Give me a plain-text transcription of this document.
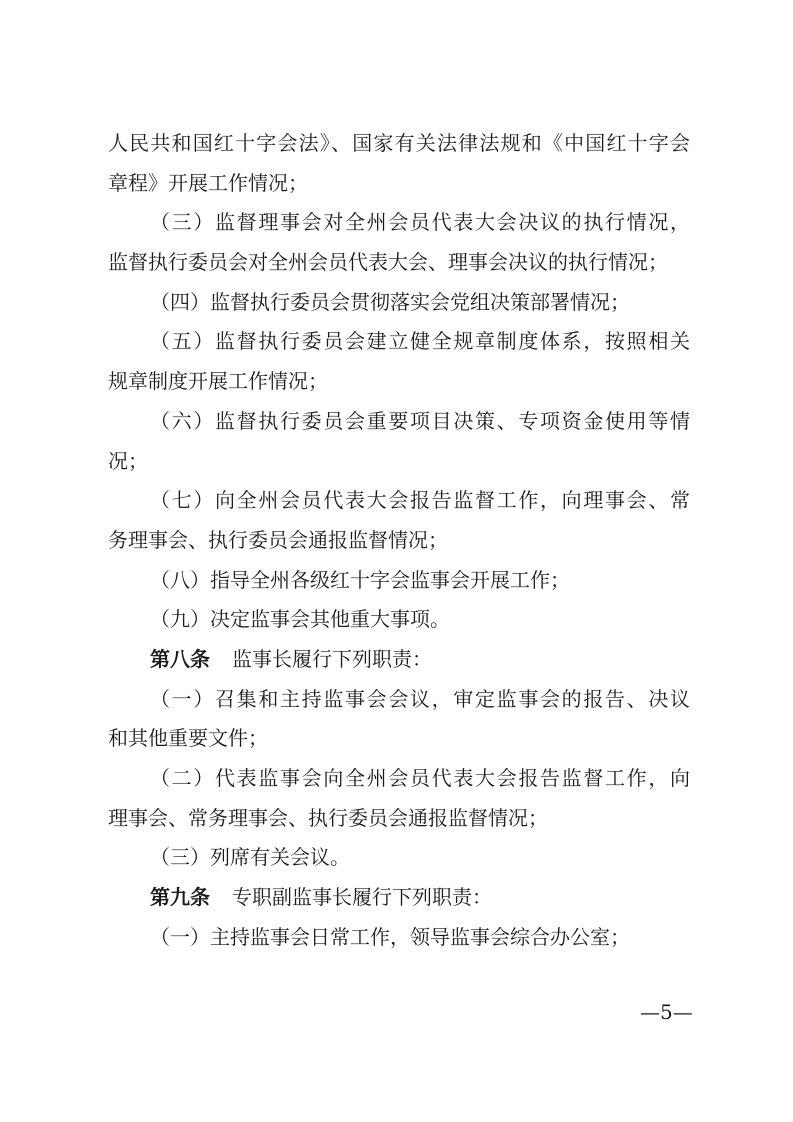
人民共和国红十字会法》、国家有关法律法规和《中国红十字会
章程》开展工作情况；
（三）监督理事会对全州会员代表大会决议的执行情况，
监督执行委员会对全州会员代表大会、理事会决议的执行情况；
（四）监督执行委员会贯彻落实会党组决策部署情况；
（五）监督执行委员会建立健全规章制度体系，按照相关
规章制度开展工作情况；
（六）监督执行委员会重要项目决策、专项资金使用等情
况；
（七）向全州会员代表大会报告监督工作，向理事会、常
务理事会、执行委员会通报监督情况；
（八）指导全州各级红十字会监事会开展工作；
（九）决定监事会其他重大事项。
第八条 监事长履行下列职责：
（一）召集和主持监事会会议，审定监事会的报告、决议
和其他重要文件；
（二）代表监事会向全州会员代表大会报告监督工作，向
理事会、常务理事会、执行委员会通报监督情况；
（三）列席有关会议。
第九条 专职副监事长履行下列职责：
（一）主持监事会日常工作，领导监事会综合办公室；
—5—
